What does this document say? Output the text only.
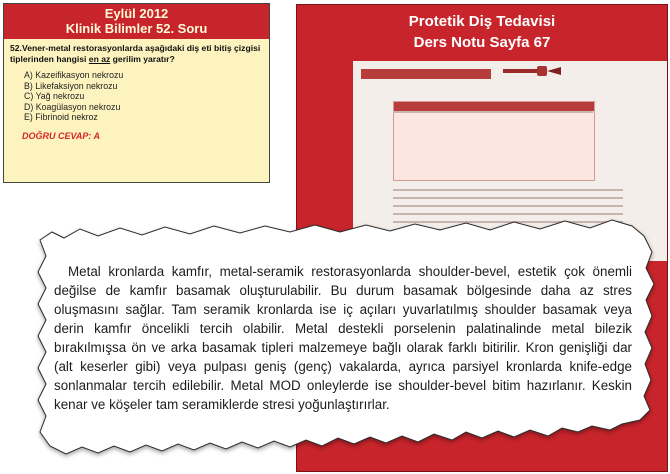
Eylül 2012
Klinik Bilimler 52. Soru
52.Vener-metal restorasyonlarda aşağıdaki diş eti bitiş çizgisi tiplerinden hangisi en az gerilim yaratır?
A) Kazeifikasyon nekrozu
B) Likefaksiyon nekrozu
C) Yağ nekrozu
D) Koagülasyon nekrozu
E) Fibrinoid nekroz
DOĞRU CEVAP: A
Protetik Diş Tedavisi
Ders Notu Sayfa 67
Metal kronlarda kamfır, metal-seramik restorasyonlarda shoulder-bevel, estetik çok önemli değilse de kamfır basamak oluşturulabilir. Bu durum basamak bölgesinde daha az stres oluşmasını sağlar. Tam seramik kronlarda ise iç açıları yuvarlatılmış shoulder basamak veya derin kamfır öncelikli tercih olabilir. Metal destekli porselenin palatinalinde metal bilezik bırakılmışsa ön ve arka basamak tipleri malzemeye bağlı olarak farklı bitirilir. Kron genişliği dar (alt keserler gibi) veya pulpası geniş (genç) vakalarda, ayrıca parsiyel kronlarda knife-edge sonlanmalar tercih edilebilir. Metal MOD onleylerde ise shoulder-bevel bitim hazırlanır. Keskin kenar ve köşeler tam seramiklerde stresi yoğunlaştırırlar.
